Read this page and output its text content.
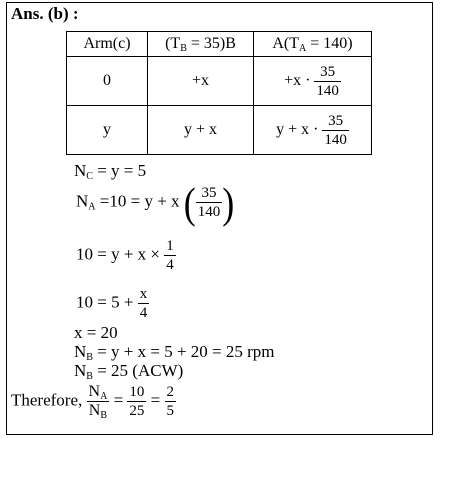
Ans. (b) :
Arm(c)	$(T_B = 35)B$	$A(T_A = 140)$
0	+x	$+x \cdot \frac{35}{140}$

y	y + x	$y + x \cdot \frac{35}{140}$
$N_C = y = 5$
$N_A =10 = y + x$ ( $\frac{35}{140}$ )
$10 = y + x \times \frac{1}{4}$
$10 = 5 + \frac{x}{4}$
x = 20
$N_B = y + x = 5 + 20 = 25$ rpm
$N_B = 25$ (ACW)
Therefore, $\frac{N_A}{N_B} = \frac{10}{25} = \frac{2}{5}$
